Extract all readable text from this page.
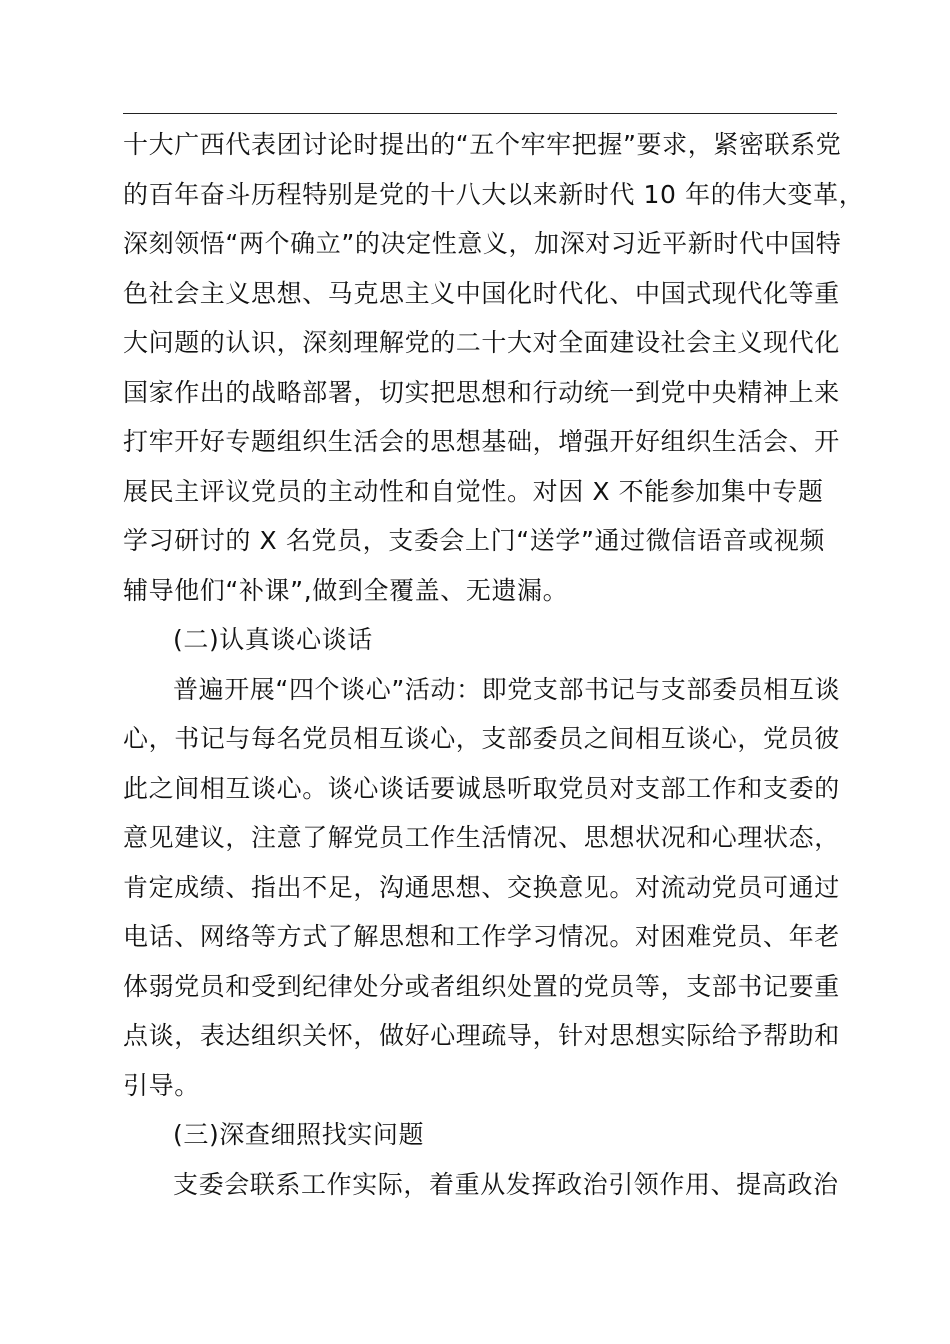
十大广西代表团讨论时提出的“五个牢牢把握”要求，紧密联系党
的百年奋斗历程特别是党的十八大以来新时代 10 年的伟大变革，
深刻领悟“两个确立”的决定性意义，加深对习近平新时代中国特
色社会主义思想、马克思主义中国化时代化、中国式现代化等重
大问题的认识，深刻理解党的二十大对全面建设社会主义现代化
国家作出的战略部署，切实把思想和行动统一到党中央精神上来
打牢开好专题组织生活会的思想基础，增强开好组织生活会、开
展民主评议党员的主动性和自觉性。对因 X 不能参加集中专题
学习研讨的 X 名党员，支委会上门“送学”通过微信语音或视频
辅导他们“补课”,做到全覆盖、无遗漏。
(二)认真谈心谈话
普遍开展“四个谈心”活动：即党支部书记与支部委员相互谈
心，书记与每名党员相互谈心，支部委员之间相互谈心，党员彼
此之间相互谈心。谈心谈话要诚恳听取党员对支部工作和支委的
意见建议，注意了解党员工作生活情况、思想状况和心理状态，
肯定成绩、指出不足，沟通思想、交换意见。对流动党员可通过
电话、网络等方式了解思想和工作学习情况。对困难党员、年老
体弱党员和受到纪律处分或者组织处置的党员等，支部书记要重
点谈，表达组织关怀，做好心理疏导，针对思想实际给予帮助和
引导。
(三)深查细照找实问题
支委会联系工作实际，着重从发挥政治引领作用、提高政治
